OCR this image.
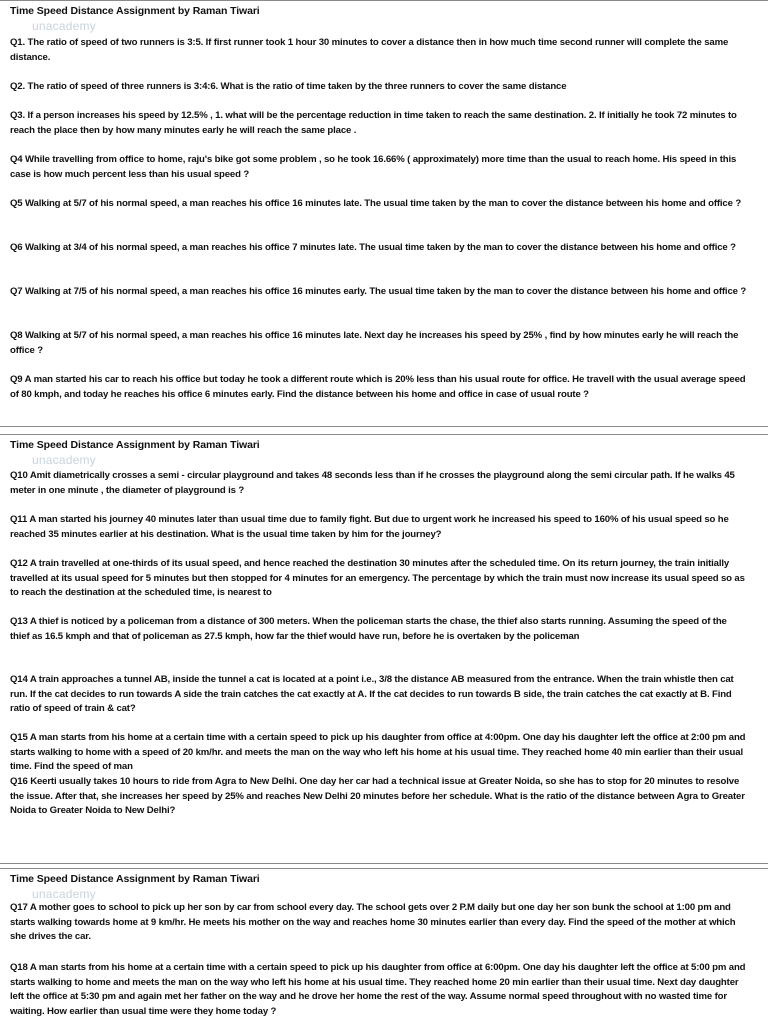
Time Speed Distance Assignment by Raman Tiwari
unacademy

Q1. The ratio of speed of two runners is 3:5. If first runner took 1 hour 30 minutes to cover a distance then in how much time second runner will complete the same distance.

Q2. The ratio of speed of three runners is 3:4:6. What is the ratio of time taken by the three runners to cover the same distance

Q3. If a person increases his speed by 12.5% , 1. what will be the percentage reduction in time taken to reach the same destination. 2. If initially he took 72 minutes to reach the place then by how many minutes early he will reach the same place .

Q4 While travelling from office to home, raju's bike got some problem , so he took 16.66% ( approximately) more time than the usual to reach home. His speed in this case is how much percent less than his usual speed ?

Q5 Walking at 5/7 of his normal speed, a man reaches his office 16 minutes late. The usual time taken by the man to cover the distance between his home and office ?

Q6 Walking at 3/4 of his normal speed, a man reaches his office 7 minutes late. The usual time taken by the man to cover the distance between his home and office ?

Q7 Walking at 7/5 of his normal speed, a man reaches his office 16 minutes early. The usual time taken by the man to cover the distance between his home and office ?

Q8 Walking at 5/7 of his normal speed, a man reaches his office 16 minutes late. Next day he increases his speed by 25% , find by how minutes early he will reach the office ?

Q9 A man started his car to reach his office but today he took a different route which is 20% less than his usual route for office. He travell with the usual average speed of 80 kmph, and today he reaches his office 6 minutes early. Find the distance between his home and office in case of usual route ?

Time Speed Distance Assignment by Raman Tiwari
unacademy

Q10 Amit diametrically crosses a semi - circular playground and takes 48 seconds less than if he crosses the playground along the semi circular path. If he walks 45 meter in one minute , the diameter of playground is ?

Q11 A man started his journey 40 minutes later than usual time due to family fight. But due to urgent work he increased his speed to 160% of his usual speed so he reached 35 minutes earlier at his destination. What is the usual time taken by him for the journey?

Q12 A train travelled at one-thirds of its usual speed, and hence reached the destination 30 minutes after the scheduled time. On its return journey, the train initially travelled at its usual speed for 5 minutes but then stopped for 4 minutes for an emergency. The percentage by which the train must now increase its usual speed so as to reach the destination at the scheduled time, is nearest to

Q13 A thief is noticed by a policeman from a distance of 300 meters. When the policeman starts the chase, the thief also starts running. Assuming the speed of the thief as 16.5 kmph and that of policeman as 27.5 kmph, how far the thief would have run, before he is overtaken by the policeman

Q14 A train approaches a tunnel AB, inside the tunnel a cat is located at a point i.e., 3/8 the distance AB measured from the entrance. When the train whistle then cat run. If the cat decides to run towards A side the train catches the cat exactly at A. If the cat decides to run towards B side, the train catches the cat exactly at B. Find ratio of speed of train & cat?

Q15 A man starts from his home at a certain time with a certain speed to pick up his daughter from office at 4:00pm. One day his daughter left the office at 2:00 pm and starts walking to home with a speed of 20 km/hr. and meets the man on the way who left his home at his usual time. They reached home 40 min earlier than their usual time. Find the speed of man

Q16 Keerti usually takes 10 hours to ride from Agra to New Delhi. One day her car had a technical issue at Greater Noida, so she has to stop for 20 minutes to resolve the issue. After that, she increases her speed by 25% and reaches New Delhi 20 minutes before her schedule. What is the ratio of the distance between Agra to Greater Noida to Greater Noida to New Delhi?

Time Speed Distance Assignment by Raman Tiwari
unacademy

Q17 A mother goes to school to pick up her son by car from school every day. The school gets over 2 P.M daily but one day her son bunk the school at 1:00 pm and starts walking towards home at 9 km/hr. He meets his mother on the way and reaches home 30 minutes earlier than every day. Find the speed of the mother at which she drives the car.

Q18 A man starts from his home at a certain time with a certain speed to pick up his daughter from office at 6:00pm. One day his daughter left the office at 5:00 pm and starts walking to home and meets the man on the way who left his home at his usual time. They reached home 20 min earlier than their usual time. Next day daughter left the office at 5:30 pm and again met her father on the way and he drove her home the rest of the way. Assume normal speed throughout with no wasted time for waiting. How earlier than usual time were they home today ?
